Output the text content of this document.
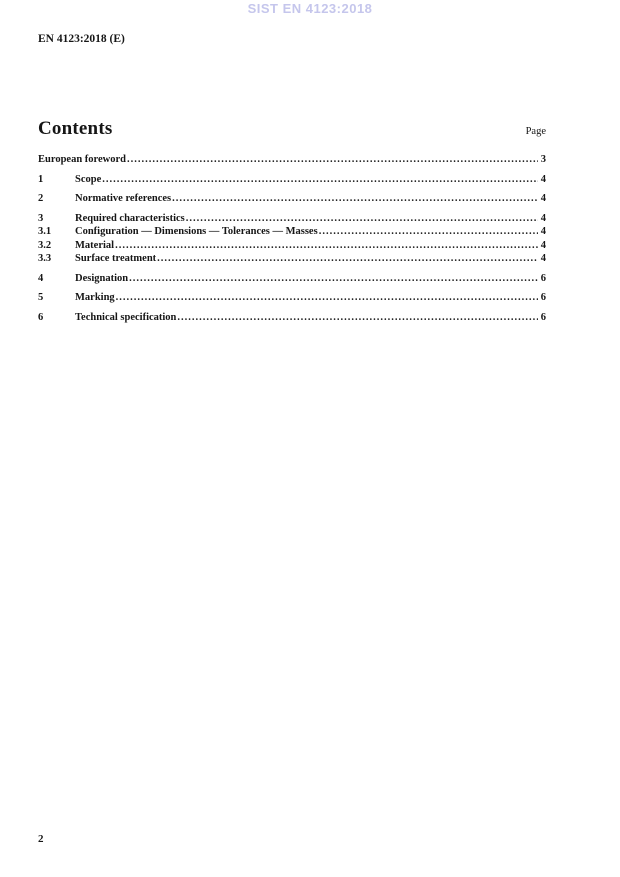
SIST EN 4123:2018
EN 4123:2018 (E)
Contents	Page
European foreword .....	3
1	Scope .....	4
2	Normative references .....	4
3	Required characteristics .....	4
3.1	Configuration — Dimensions — Tolerances — Masses .....	4
3.2	Material .....	4
3.3	Surface treatment .....	4
4	Designation .....	6
5	Marking .....	6
6	Technical specification .....	6
2
